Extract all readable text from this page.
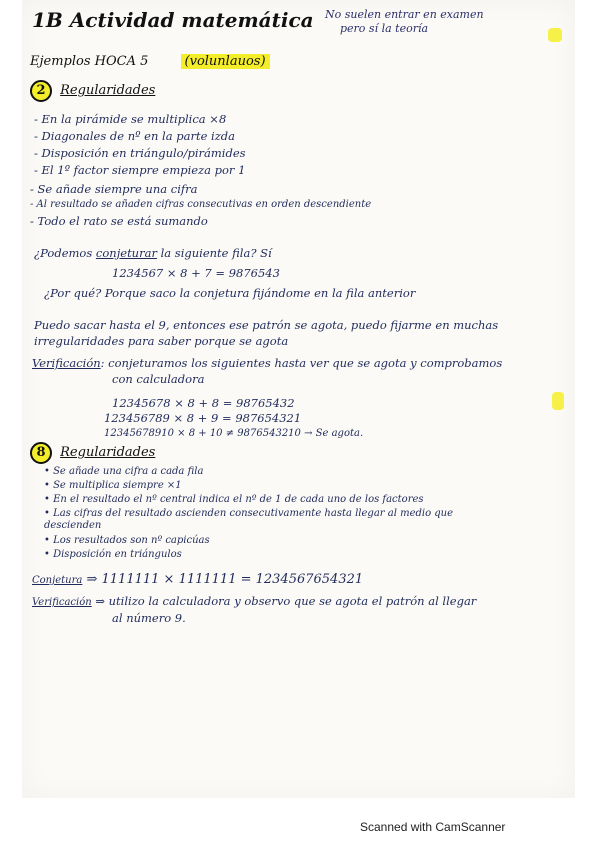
1B Actividad matemática No suelen entrar en examen
pero sí la teoría
Ejemplos HOCA 5	(volunlauos)
2 Regularidades
- En la pirámide se multiplica ×8
- Diagonales de nº en la parte izda
- Disposición en triángulo/pirámides
- El 1º factor siempre empieza por 1
- Se añade siempre una cifra
- Al resultado se añaden cifras consecutivas en orden descendiente
- Todo el rato se está sumando
¿Podemos conjeturar la siguiente fila? Sí
1234567 × 8 + 7 = 9876543
¿Por qué? Porque saco la conjetura fijándome en la fila anterior
Puedo sacar hasta el 9, entonces ese patrón se agota, puedo fijarme en muchas
irregularidades para saber porque se agota
Verificación: conjeturamos los siguientes hasta ver que se agota y comprobamos
con calculadora
12345678 × 8 + 8 = 98765432
123456789 × 8 + 9 = 987654321
12345678910 × 8 + 10 ≠ 9876543210 → Se agota.
8 Regularidades
• Se añade una cifra a cada fila
• Se multiplica siempre ×1
• En el resultado el nº central indica el nº de 1 de cada uno de los factores
• Las cifras del resultado ascienden consecutivamente hasta llegar al medio que
descienden
• Los resultados son nº capicúas
• Disposición en triángulos
Conjetura ⇒ 1111111 × 1111111 = 1234567654321
Verificación ⇒ utilizo la calculadora y observo que se agota el patrón al llegar
al número 9.
Scanned with CamScanner
